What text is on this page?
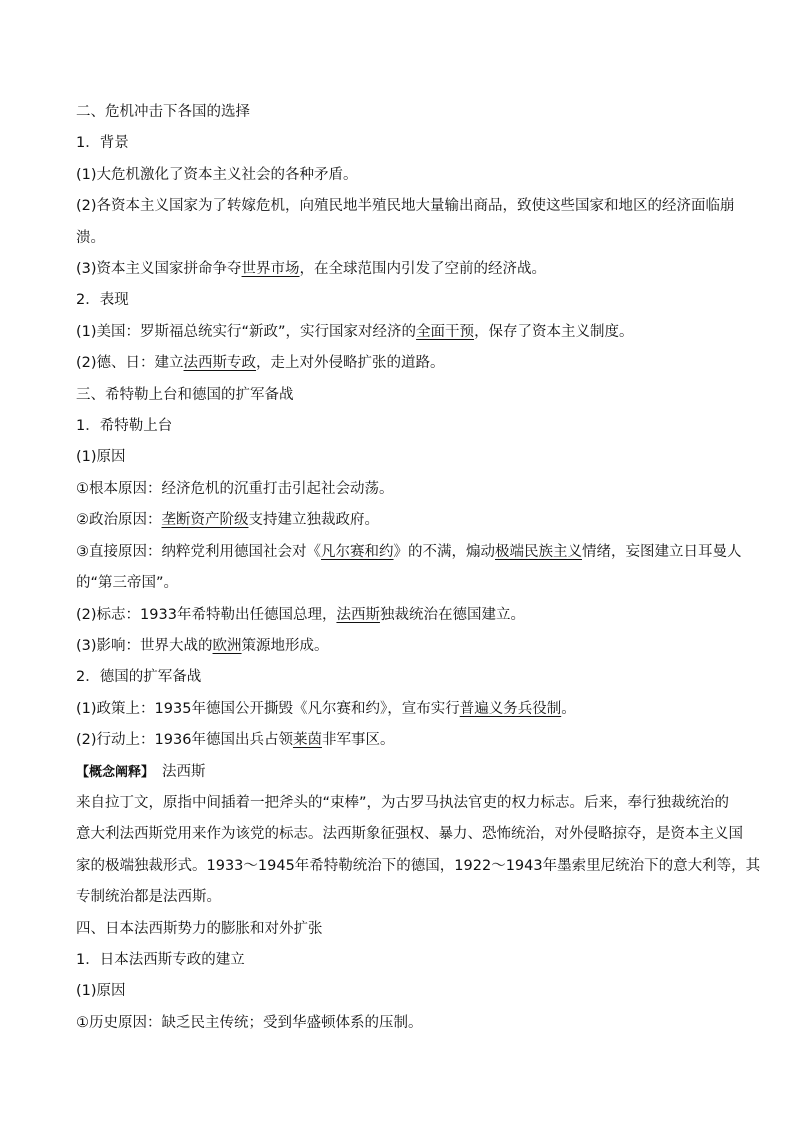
二、危机冲击下各国的选择
1．背景
(1)大危机激化了资本主义社会的各种矛盾。
(2)各资本主义国家为了转嫁危机，向殖民地半殖民地大量输出商品，致使这些国家和地区的经济面临崩
溃。
(3)资本主义国家拼命争夺世界市场，在全球范围内引发了空前的经济战。
2．表现
(1)美国：罗斯福总统实行“新政”，实行国家对经济的全面干预，保存了资本主义制度。
(2)德、日：建立法西斯专政，走上对外侵略扩张的道路。
三、希特勒上台和德国的扩军备战
1．希特勒上台
(1)原因
①根本原因：经济危机的沉重打击引起社会动荡。
②政治原因：垄断资产阶级支持建立独裁政府。
③直接原因：纳粹党利用德国社会对《凡尔赛和约》的不满，煽动极端民族主义情绪，妄图建立日耳曼人
的“第三帝国”。
(2)标志：1933年希特勒出任德国总理，法西斯独裁统治在德国建立。
(3)影响：世界大战的欧洲策源地形成。
2．德国的扩军备战
(1)政策上：1935年德国公开撕毁《凡尔赛和约》，宣布实行普遍义务兵役制。
(2)行动上：1936年德国出兵占领莱茵非军事区。
【概念阐释】　法西斯
来自拉丁文，原指中间插着一把斧头的“束棒”，为古罗马执法官吏的权力标志。后来，奉行独裁统治的
意大利法西斯党用来作为该党的标志。法西斯象征强权、暴力、恐怖统治，对外侵略掠夺，是资本主义国
家的极端独裁形式。1933～1945年希特勒统治下的德国，1922～1943年墨索里尼统治下的意大利等，其
专制统治都是法西斯。
四、日本法西斯势力的膨胀和对外扩张
1．日本法西斯专政的建立
(1)原因
①历史原因：缺乏民主传统；受到华盛顿体系的压制。
